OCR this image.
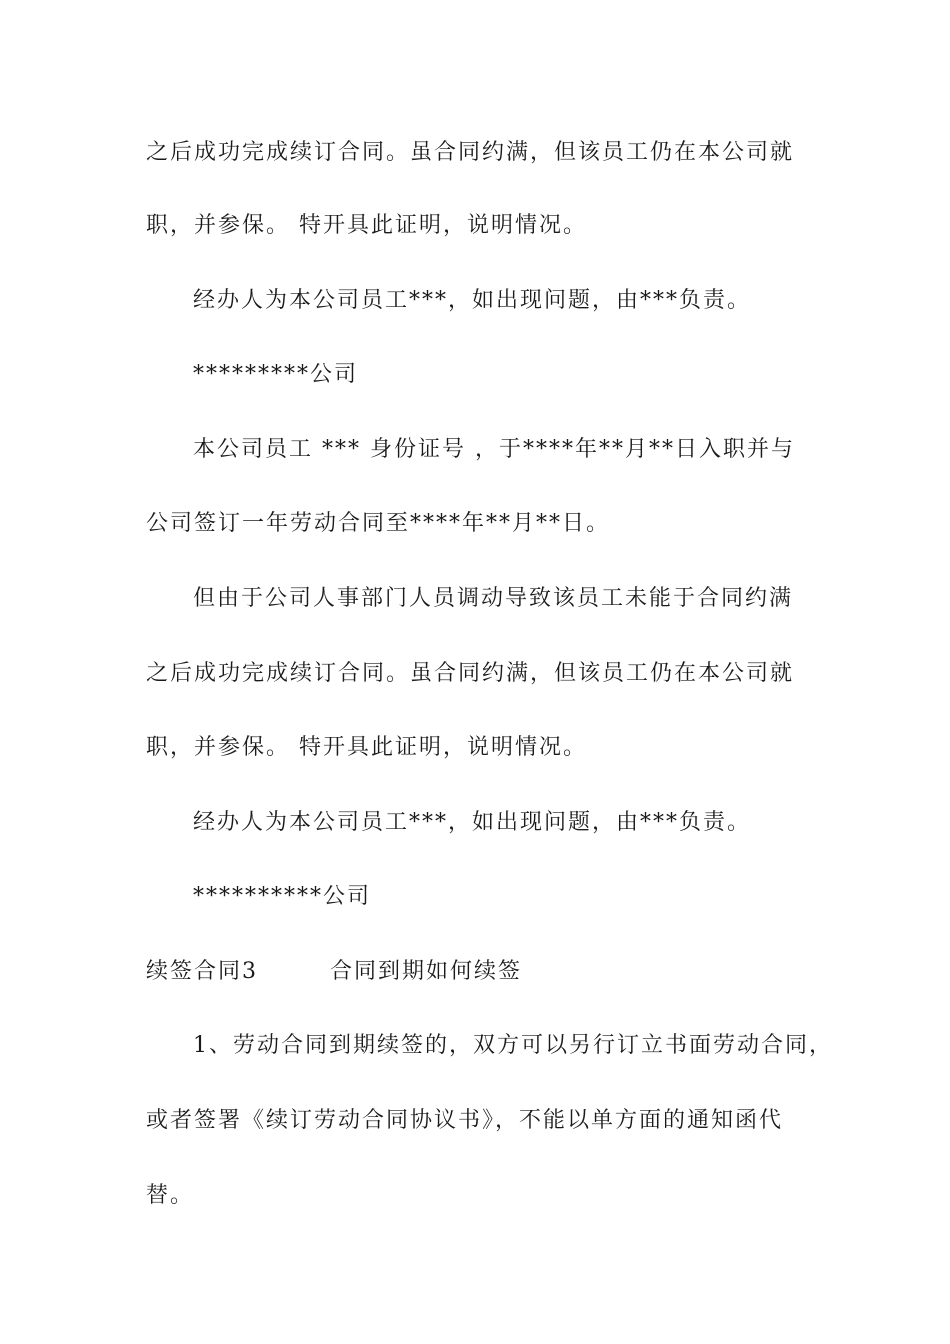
之后成功完成续订合同。虽合同约满，但该员工仍在本公司就
职，并参保。 特开具此证明，说明情况。
经办人为本公司员工***，如出现问题，由***负责。
*********公司
本公司员工 *** 身份证号 ，于****年**月**日入职并与
公司签订一年劳动合同至****年**月**日。
但由于公司人事部门人员调动导致该员工未能于合同约满
之后成功完成续订合同。虽合同约满，但该员工仍在本公司就
职，并参保。 特开具此证明，说明情况。
经办人为本公司员工***，如出现问题，由***负责。
**********公司
续签合同3        合同到期如何续签
1、劳动合同到期续签的，双方可以另行订立书面劳动合同，
或者签署《续订劳动合同协议书》，不能以单方面的通知函代
替。
